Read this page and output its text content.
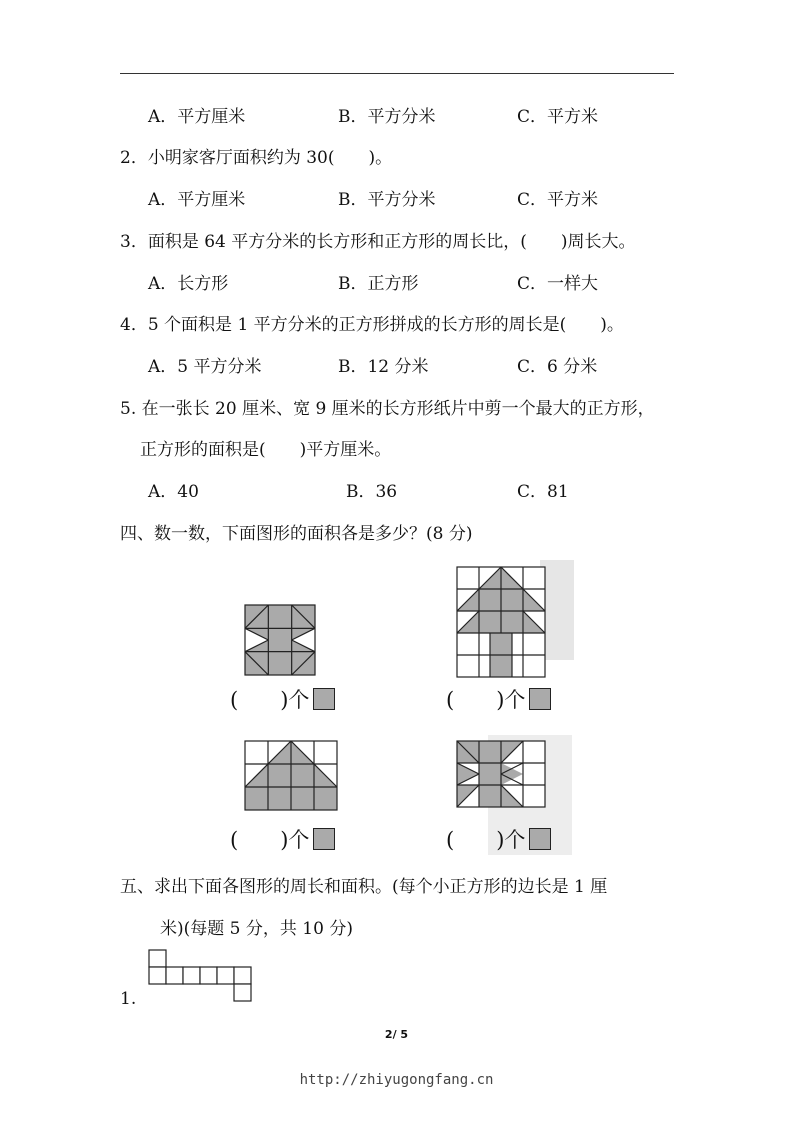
A．平方厘米	B．平方分米	C．平方米
2．小明家客厅面积约为 30(　　)。
A．平方厘米	B．平方分米	C．平方米
3．面积是 64 平方分米的长方形和正方形的周长比，(　　)周长大。
A．长方形	B．正方形	C．一样大
4．5 个面积是 1 平方分米的正方形拼成的长方形的周长是(　　)。
A．5 平方分米	B．12 分米	C．6 分米
5. 在一张长 20 厘米、宽 9 厘米的长方形纸片中剪一个最大的正方形，
正方形的面积是(　　)平方厘米。
A．40	B．36	C．81
四、数一数，下面图形的面积各是多少？(8 分)
(　　)个	(　　)个
(　　)个	(　　)个
五、求出下面各图形的周长和面积。(每个小正方形的边长是 1 厘
米)(每题 5 分，共 10 分)
1.
2/ 5
http://zhiyugongfang.cn
